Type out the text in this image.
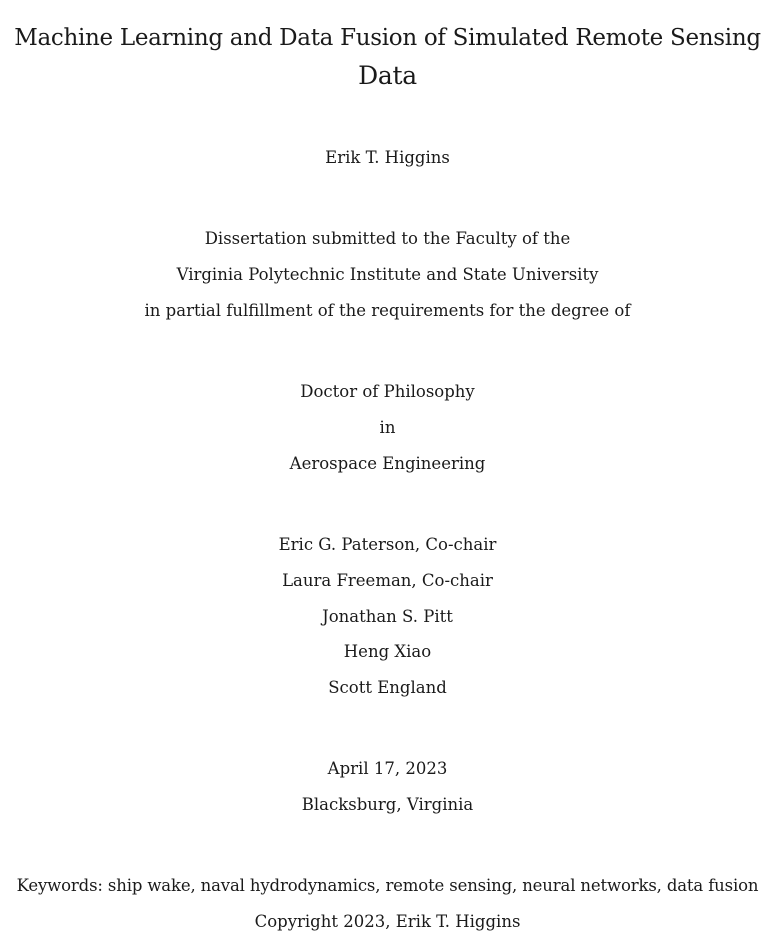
Machine Learning and Data Fusion of Simulated Remote Sensing
Data
Erik T. Higgins
Dissertation submitted to the Faculty of the
Virginia Polytechnic Institute and State University
in partial fulfillment of the requirements for the degree of
Doctor of Philosophy
in
Aerospace Engineering
Eric G. Paterson, Co-chair
Laura Freeman, Co-chair
Jonathan S. Pitt
Heng Xiao
Scott England
April 17, 2023
Blacksburg, Virginia
Keywords: ship wake, naval hydrodynamics, remote sensing, neural networks, data fusion
Copyright 2023, Erik T. Higgins
